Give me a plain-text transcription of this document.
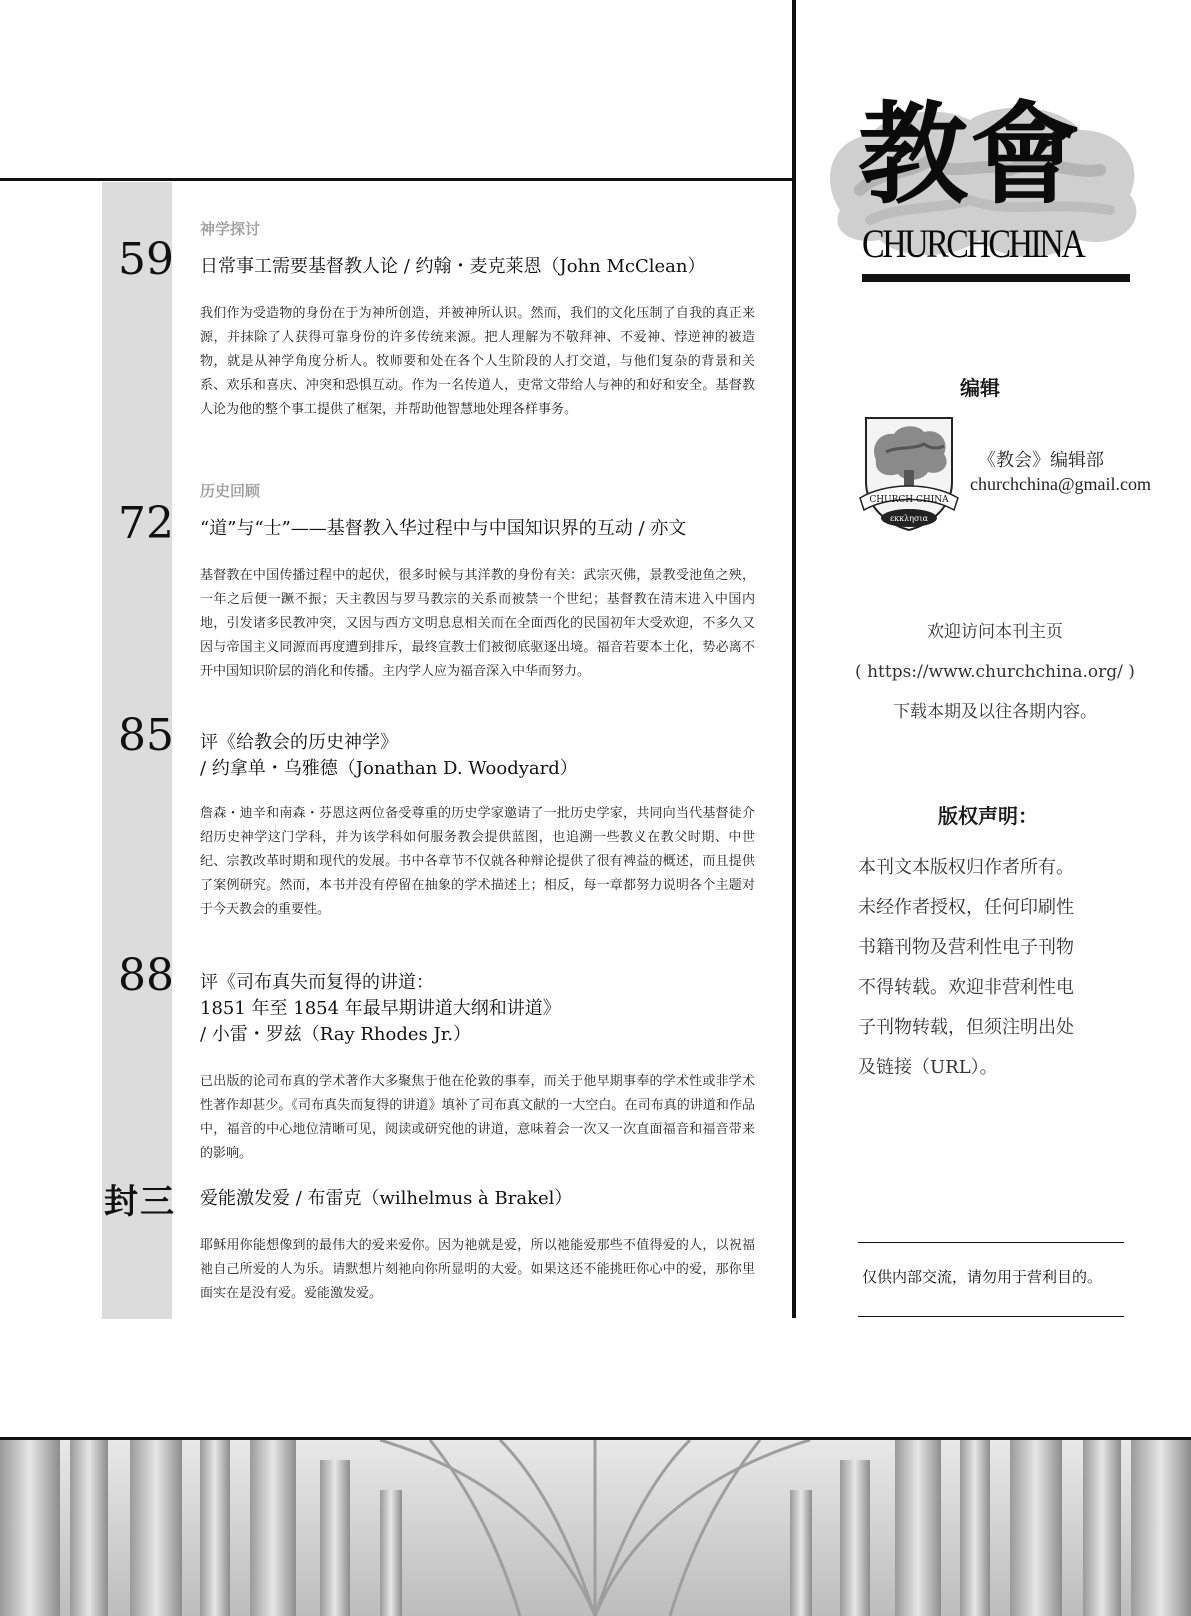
神学探讨
59 日常事工需要基督教人论 / 约翰・麦克莱恩（John McClean）
我们作为受造物的身份在于为神所创造，并被神所认识。然而，我们的文化压制了自我的真正来源，并抹除了人获得可靠身份的许多传统来源。把人理解为不敬拜神、不爱神、悖逆神的被造物，就是从神学角度分析人。牧师要和处在各个人生阶段的人打交道，与他们复杂的背景和关系、欢乐和喜庆、冲突和恐惧互动。作为一名传道人，吏常文带给人与神的和好和安全。基督教人论为他的整个事工提供了框架，并帮助他智慧地处理各样事务。
历史回顾
72 “道”与“士”——基督教入华过程中与中国知识界的互动 / 亦文
基督教在中国传播过程中的起伏，很多时候与其洋教的身份有关：武宗灭佛，景教受池鱼之殃，一年之后便一蹶不振；天主教因与罗马教宗的关系而被禁一个世纪；基督教在清末进入中国内地，引发诸多民教冲突，又因与西方文明息息相关而在全面西化的民国初年大受欢迎，不多久又因与帝国主义同源而再度遭到排斥，最终宣教士们被彻底驱逐出境。福音若要本土化，势必离不开中国知识阶层的消化和传播。主内学人应为福音深入中华而努力。
85 评《给教会的历史神学》
/ 约拿单・乌雅德（Jonathan D. Woodyard）
詹森・迪辛和南森・芬恩这两位备受尊重的历史学家邀请了一批历史学家，共同向当代基督徒介绍历史神学这门学科，并为该学科如何服务教会提供蓝图，也追溯一些教义在教父时期、中世纪、宗教改革时期和现代的发展。书中各章节不仅就各种辩论提供了很有裨益的概述，而且提供了案例研究。然而，本书并没有停留在抽象的学术描述上；相反，每一章都努力说明各个主题对于今天教会的重要性。
88 评《司布真失而复得的讲道：
1851 年至 1854 年最早期讲道大纲和讲道》
/ 小雷・罗兹（Ray Rhodes Jr.）
已出版的论司布真的学术著作大多聚焦于他在伦敦的事奉，而关于他早期事奉的学术性或非学术性著作却甚少。《司布真失而复得的讲道》填补了司布真文献的一大空白。在司布真的讲道和作品中，福音的中心地位清晰可见，阅读或研究他的讲道，意味着会一次又一次直面福音和福音带来的影响。
封三 爱能激发爱 / 布雷克（wilhelmus à Brakel）
耶稣用你能想像到的最伟大的爱来爱你。因为祂就是爱，所以祂能爱那些不值得爱的人，以祝福祂自己所爱的人为乐。请默想片刻祂向你所显明的大爱。如果这还不能挑旺你心中的爱，那你里面实在是没有爱。爱能激发爱。
教會
CHURCHCHINA
编辑
CHURCH CHINA
εκκλησια
《教会》编辑部
churchchina@gmail.com
欢迎访问本刊主页
( https://www.churchchina.org/ )
下载本期及以往各期内容。
版权声明：
本刊文本版权归作者所有。
未经作者授权，任何印刷性
书籍刊物及营利性电子刊物
不得转载。欢迎非营利性电
子刊物转载，但须注明出处
及链接（URL）。
仅供内部交流，请勿用于营利目的。
